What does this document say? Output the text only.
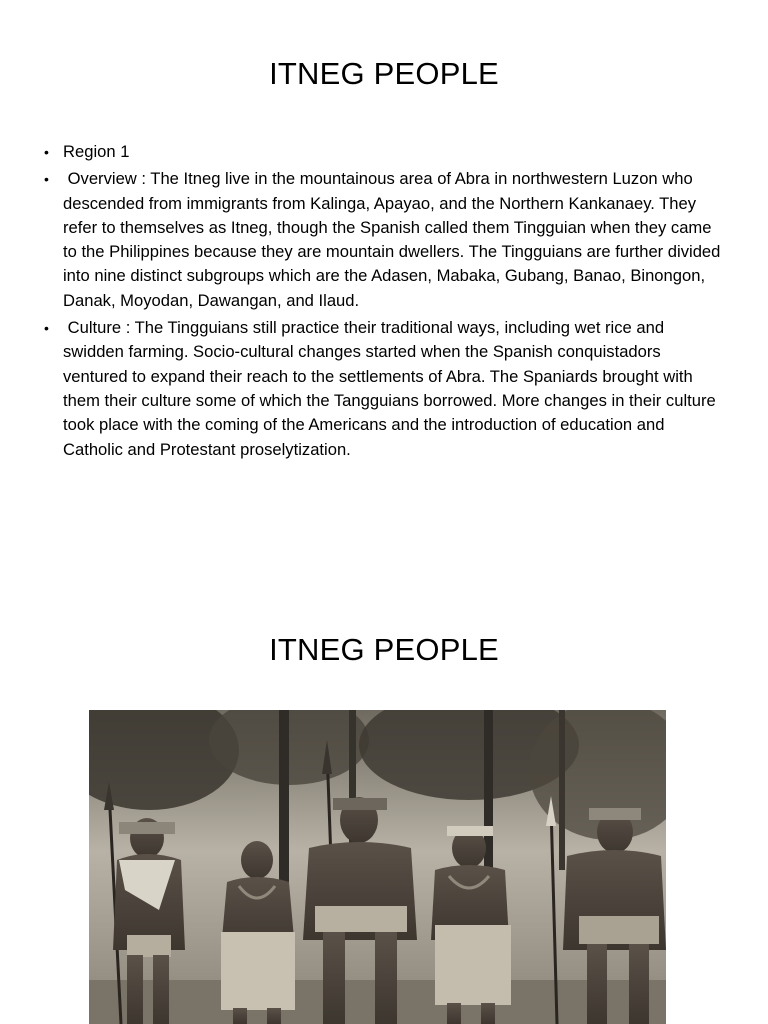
ITNEG PEOPLE
• Region 1
• Overview : The Itneg live in the mountainous area of Abra in northwestern Luzon who descended from immigrants from Kalinga, Apayao, and the Northern Kankanaey. They refer to themselves as Itneg, though the Spanish called them Tingguian when they came to the Philippines because they are mountain dwellers. The Tingguians are further divided into nine distinct subgroups which are the Adasen, Mabaka, Gubang, Banao, Binongon, Danak, Moyodan, Dawangan, and Ilaud.
• Culture : The Tingguians still practice their traditional ways, including wet rice and swidden farming. Socio-cultural changes started when the Spanish conquistadors ventured to expand their reach to the settlements of Abra. The Spaniards brought with them their culture some of which the Tangguians borrowed. More changes in their culture took place with the coming of the Americans and the introduction of education and Catholic and Protestant proselytization.
ITNEG PEOPLE
